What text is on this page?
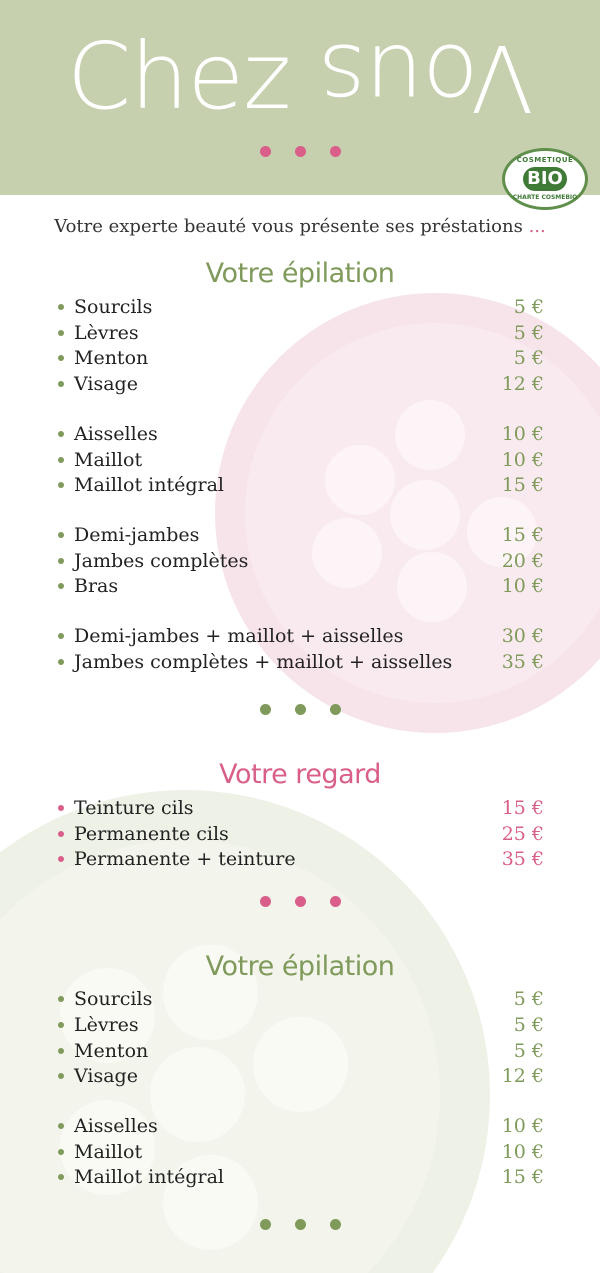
Chez Vous
COSMETIQUE
BIO
CHARTE COSMEBIO
Votre experte beauté vous présente ses préstations ...
Votre épilation
Sourcils	5 €
Lèvres	5 €
Menton	5 €
Visage	12 €
Aisselles	10 €
Maillot	10 €
Maillot intégral	15 €
Demi-jambes	15 €
Jambes complètes	20 €
Bras	10 €
Demi-jambes + maillot + aisselles	30 €
Jambes complètes + maillot + aisselles	35 €
Votre regard
Teinture cils	15 €
Permanente cils	25 €
Permanente + teinture	35 €
Votre épilation
Sourcils	5 €
Lèvres	5 €
Menton	5 €
Visage	12 €
Aisselles	10 €
Maillot	10 €
Maillot intégral	15 €
